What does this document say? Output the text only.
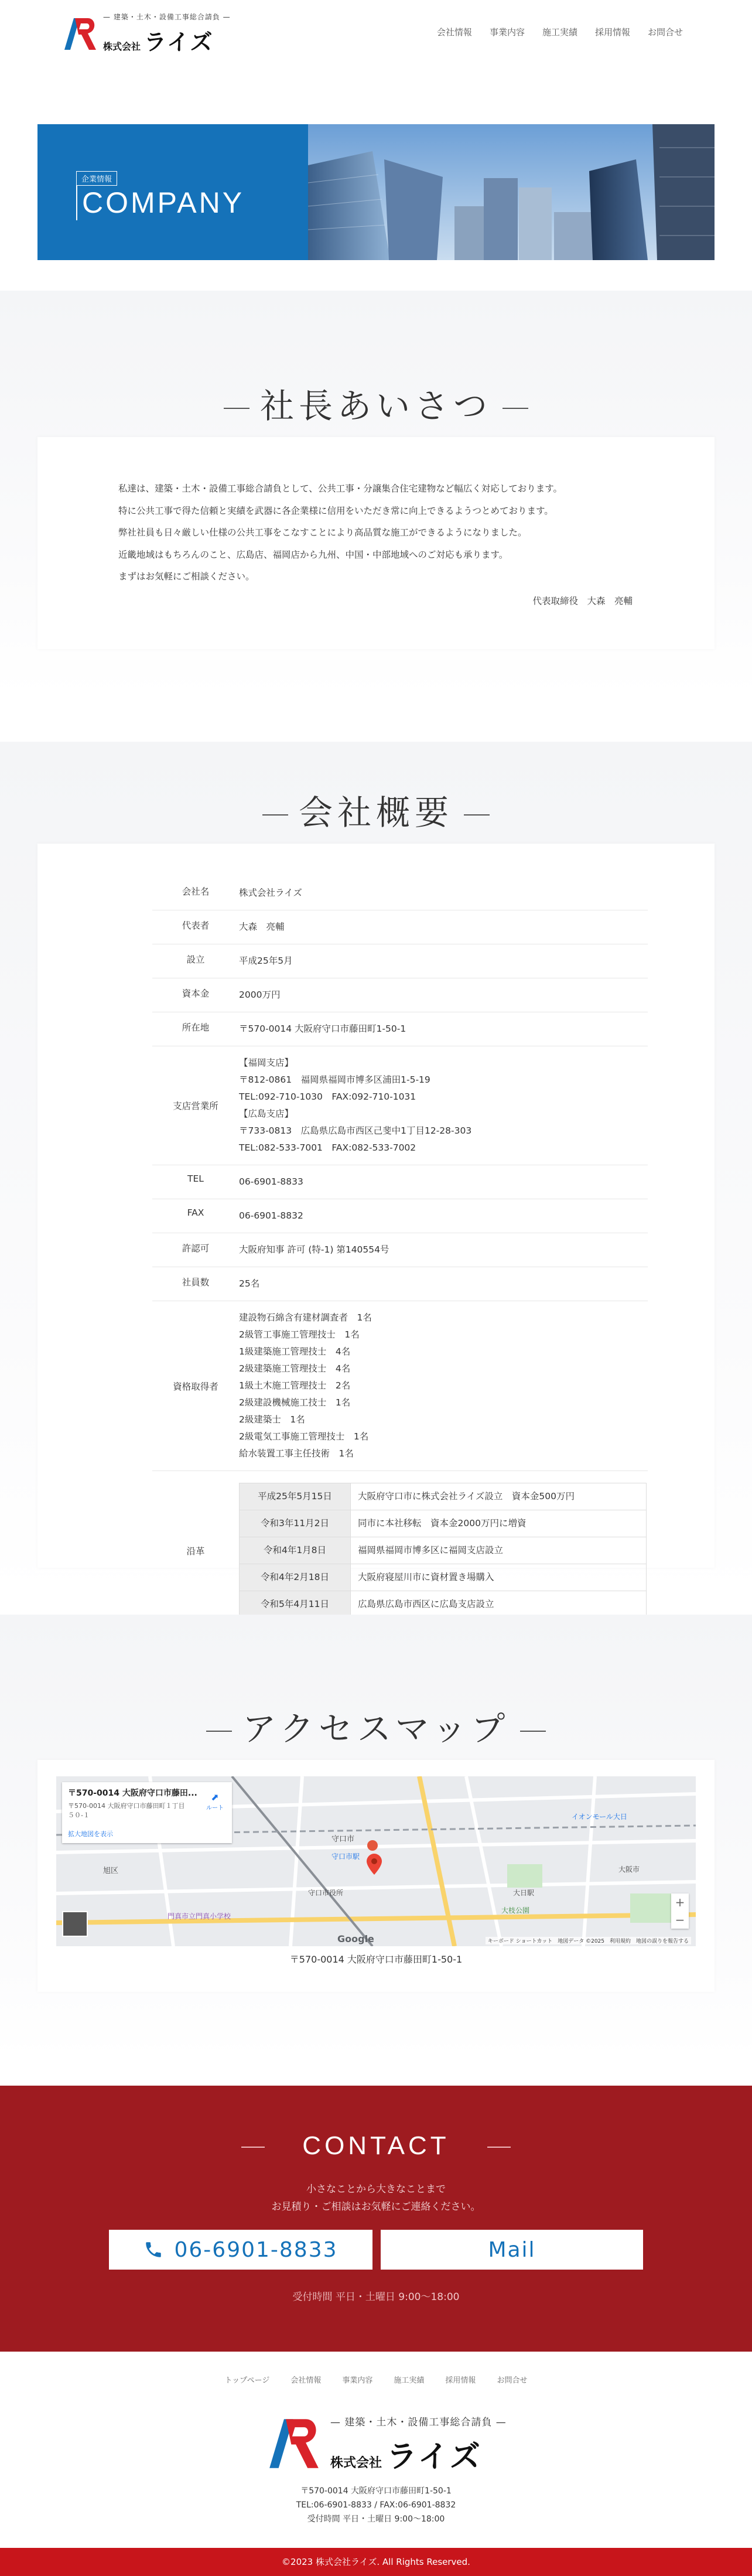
— 建築・土木・設備工事総合請負 —
株式会社 ライズ	会社情報 事業内容 施工実績 採用情報 お問合せ
企業情報
COMPANY
社長あいさつ

私達は、建築・土木・設備工事総合請負として、公共工事・分譲集合住宅建物など幅広く対応しております。

特に公共工事で得た信頼と実績を武器に各企業様に信用をいただき常に向上できるようつとめております。

弊社社員も日々厳しい仕様の公共工事をこなすことにより高品質な施工ができるようになりました。

近畿地域はもちろんのこと、広島店、福岡店から九州、中国・中部地域へのご対応も承ります。

まずはお気軽にご相談ください。

代表取締役　大森　亮輔
会社概要
会社名	株式会社ライズ
代表者	大森　亮輔
設立	平成25年5月
資本金	2000万円
所在地	〒570-0014 大阪府守口市藤田町1-50-1
支店営業所
【福岡支店】
〒812-0861　福岡県福岡市博多区浦田1-5-19
TEL:092-710-1030　FAX:092-710-1031
【広島支店】
〒733-0813　広島県広島市西区己斐中1丁目12-28-303
TEL:082-533-7001　FAX:082-533-7002
TEL	06-6901-8833
FAX	06-6901-8832
許認可	大阪府知事 許可 (特-1) 第140554号
社員数	25名
資格取得者
建設物石綿含有建材調査者　1名
2級管工事施工管理技士　1名
1級建築施工管理技士　4名
2級建築施工管理技士　4名
1級土木施工管理技士　2名
2級建設機械施工技士　1名
2級建築士　1名
2級電気工事施工管理技士　1名
給水装置工事主任技術　1名
沿革
平成25年5月15日	大阪府守口市に株式会社ライズ設立　資本金500万円
令和3年11月2日	同市に本社移転　資本金2000万円に増資
令和4年1月8日	福岡県福岡市博多区に福岡支店設立
令和4年2月18日	大阪府寝屋川市に資材置き場購入
令和5年4月11日	広島県広島市西区に広島支店設立
アクセスマップ
守口市
大日駅
大阪市
イオンモール大日
守口市駅
大枝公園
守口市役所
門真市立門真小学校
旭区
〒570-0014 大阪府守口市藤田...
〒570-0014 大阪府守口市藤田町１丁目５０-１
拡大地図を表示
⬈
ルート
+
−
Google	キーボード ショートカット　地図データ ©2025　利用規約　地図の誤りを報告する
〒570-0014 大阪府守口市藤田町1-50-1
CONTACT
小さなことから大きなことまで
お見積り・ご相談はお気軽にご連絡ください。
06-6901-8833	Mail
受付時間 平日・土曜日 9:00〜18:00
トップページ	会社情報	事業内容	施工実績	採用情報	お問合せ
— 建築・土木・設備工事総合請負 —
株式会社 ライズ
〒570-0014 大阪府守口市藤田町1-50-1
TEL:06-6901-8833 / FAX:06-6901-8832
受付時間 平日・土曜日 9:00〜18:00
©2023 株式会社ライズ. All Rights Reserved.
